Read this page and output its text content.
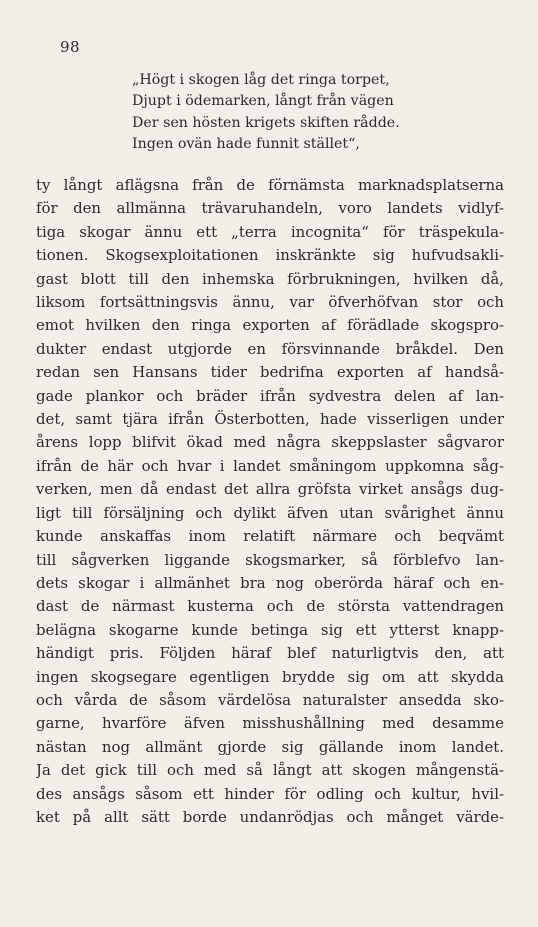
98
„Högt i skogen låg det ringa torpet,
Djupt i ödemarken, långt från vägen
Der sen hösten krigets skiften rådde.
Ingen ovän hade funnit stället“,
ty långt aflägsna från de förnämsta marknadsplatserna
för den allmänna trävaruhandeln, voro landets vidlyf-
tiga skogar ännu ett „terra incognita“ för träspekula-
tionen. Skogsexploitationen inskränkte sig hufvudsakli-
gast blott till den inhemska förbrukningen, hvilken då,
liksom fortsättningsvis ännu, var öfverhöfvan stor och
emot hvilken den ringa exporten af förädlade skogspro-
dukter endast utgjorde en försvinnande bråkdel. Den
redan sen Hansans tider bedrifna exporten af handså-
gade plankor och bräder ifrån sydvestra delen af lan-
det, samt tjära ifrån Österbotten, hade visserligen under
årens lopp blifvit ökad med några skeppslaster sågvaror
ifrån de här och hvar i landet småningom uppkomna såg-
verken, men då endast det allra gröfsta virket ansågs dug-
ligt till försäljning och dylikt äfven utan svårighet ännu
kunde anskaffas inom relatift närmare och beqvämt
till sågverken liggande skogsmarker, så förblefvo lan-
dets skogar i allmänhet bra nog oberörda häraf och en-
dast de närmast kusterna och de största vattendragen
belägna skogarne kunde betinga sig ett ytterst knapp-
händigt pris. Följden häraf blef naturligtvis den, att
ingen skogsegare egentligen brydde sig om att skydda
och vårda de såsom värdelösa naturalster ansedda sko-
garne, hvarföre äfven misshushållning med desamme
nästan nog allmänt gjorde sig gällande inom landet.
Ja det gick till och med så långt att skogen mångenstä-
des ansågs såsom ett hinder för odling och kultur, hvil-
ket på allt sätt borde undanrödjas och månget värde-
